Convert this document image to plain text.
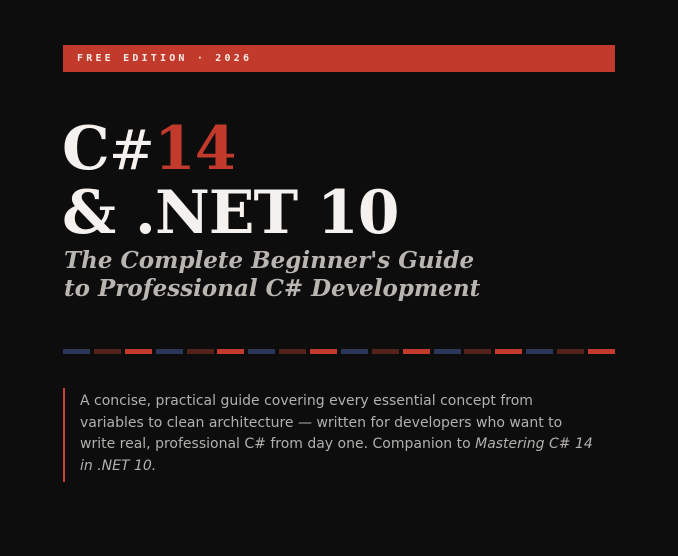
FREE EDITION · 2026
C#14
& .NET 10
The Complete Beginner's Guide
to Professional C# Development
A concise, practical guide covering every essential concept from
variables to clean architecture — written for developers who want to
write real, professional C# from day one. Companion to Mastering C# 14
in .NET 10.
